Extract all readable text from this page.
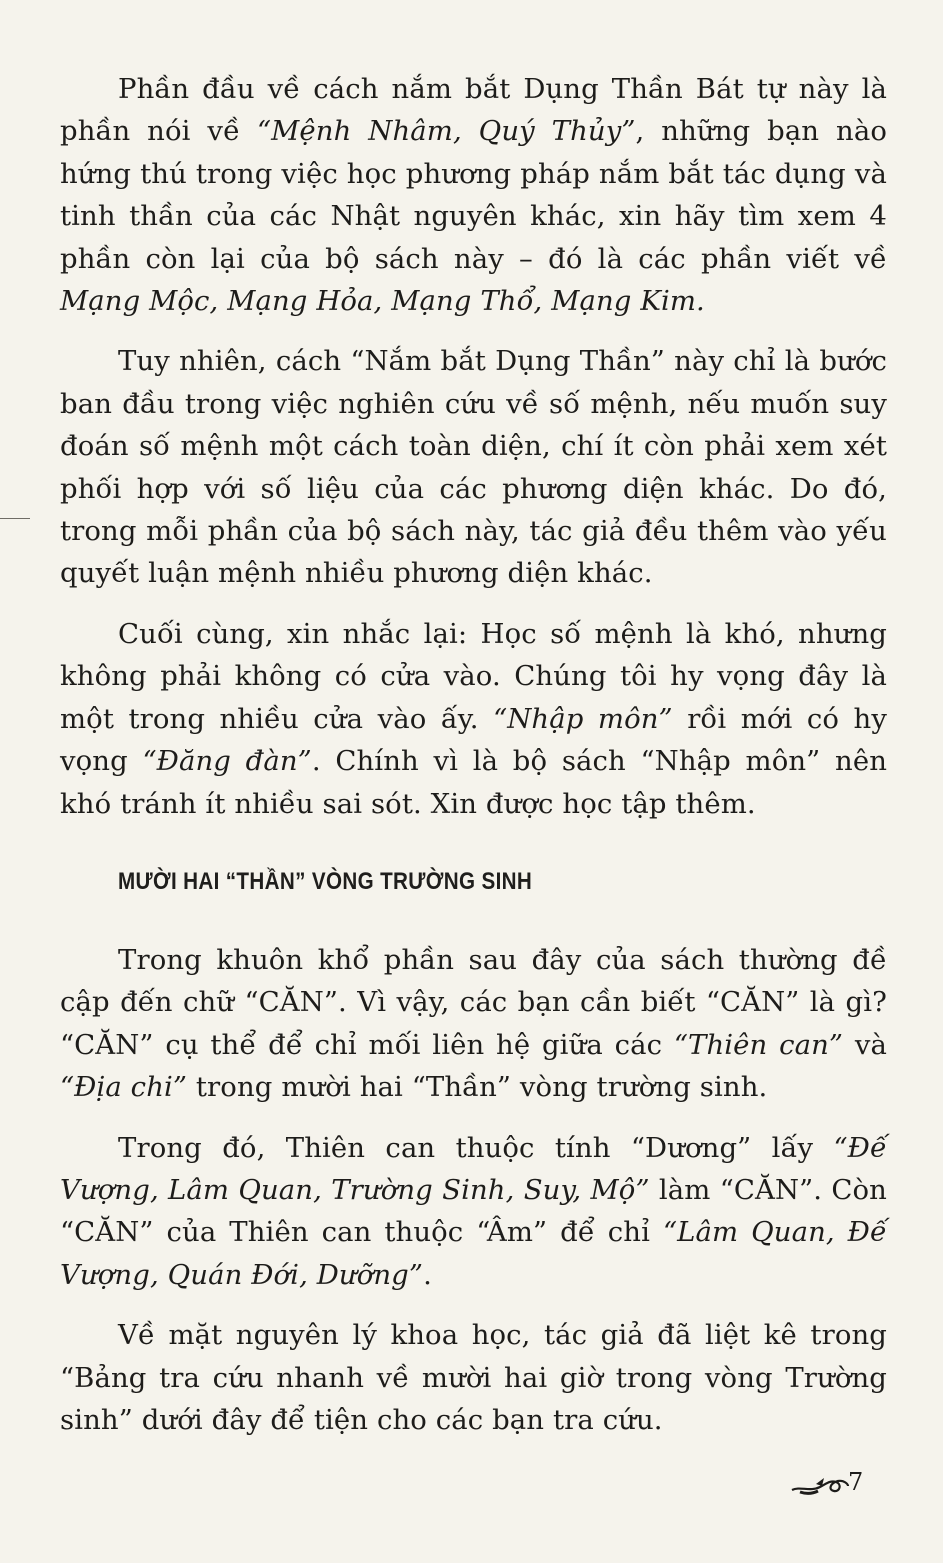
Phần đầu về cách nắm bắt Dụng Thần Bát tự này là phần nói về “Mệnh Nhâm, Quý Thủy”, những bạn nào hứng thú trong việc học phương pháp nắm bắt tác dụng và tinh thần của các Nhật nguyên khác, xin hãy tìm xem 4 phần còn lại của bộ sách này – đó là các phần viết về Mạng Mộc, Mạng Hỏa, Mạng Thổ, Mạng Kim.

Tuy nhiên, cách “Nắm bắt Dụng Thần” này chỉ là bước ban đầu trong việc nghiên cứu về số mệnh, nếu muốn suy đoán số mệnh một cách toàn diện, chí ít còn phải xem xét phối hợp với số liệu của các phương diện khác. Do đó, trong mỗi phần của bộ sách này, tác giả đều thêm vào yếu quyết luận mệnh nhiều phương diện khác.

Cuối cùng, xin nhắc lại: Học số mệnh là khó, nhưng không phải không có cửa vào. Chúng tôi hy vọng đây là một trong nhiều cửa vào ấy. “Nhập môn” rồi mới có hy vọng “Đăng đàn”. Chính vì là bộ sách “Nhập môn” nên khó tránh ít nhiều sai sót. Xin được học tập thêm.

MƯỜI HAI “THẦN” VÒNG TRƯỜNG SINH

Trong khuôn khổ phần sau đây của sách thường đề cập đến chữ “CĂN”. Vì vậy, các bạn cần biết “CĂN” là gì? “CĂN” cụ thể để chỉ mối liên hệ giữa các “Thiên can” và “Địa chi” trong mười hai “Thần” vòng trường sinh.

Trong đó, Thiên can thuộc tính “Dương” lấy “Đế Vượng, Lâm Quan, Trường Sinh, Suy, Mộ” làm “CĂN”. Còn “CĂN” của Thiên can thuộc “Âm” để chỉ “Lâm Quan, Đế Vượng, Quán Đới, Dưỡng”.

Về mặt nguyên lý khoa học, tác giả đã liệt kê trong “Bảng tra cứu nhanh về mười hai giờ trong vòng Trường sinh” dưới đây để tiện cho các bạn tra cứu.

7
